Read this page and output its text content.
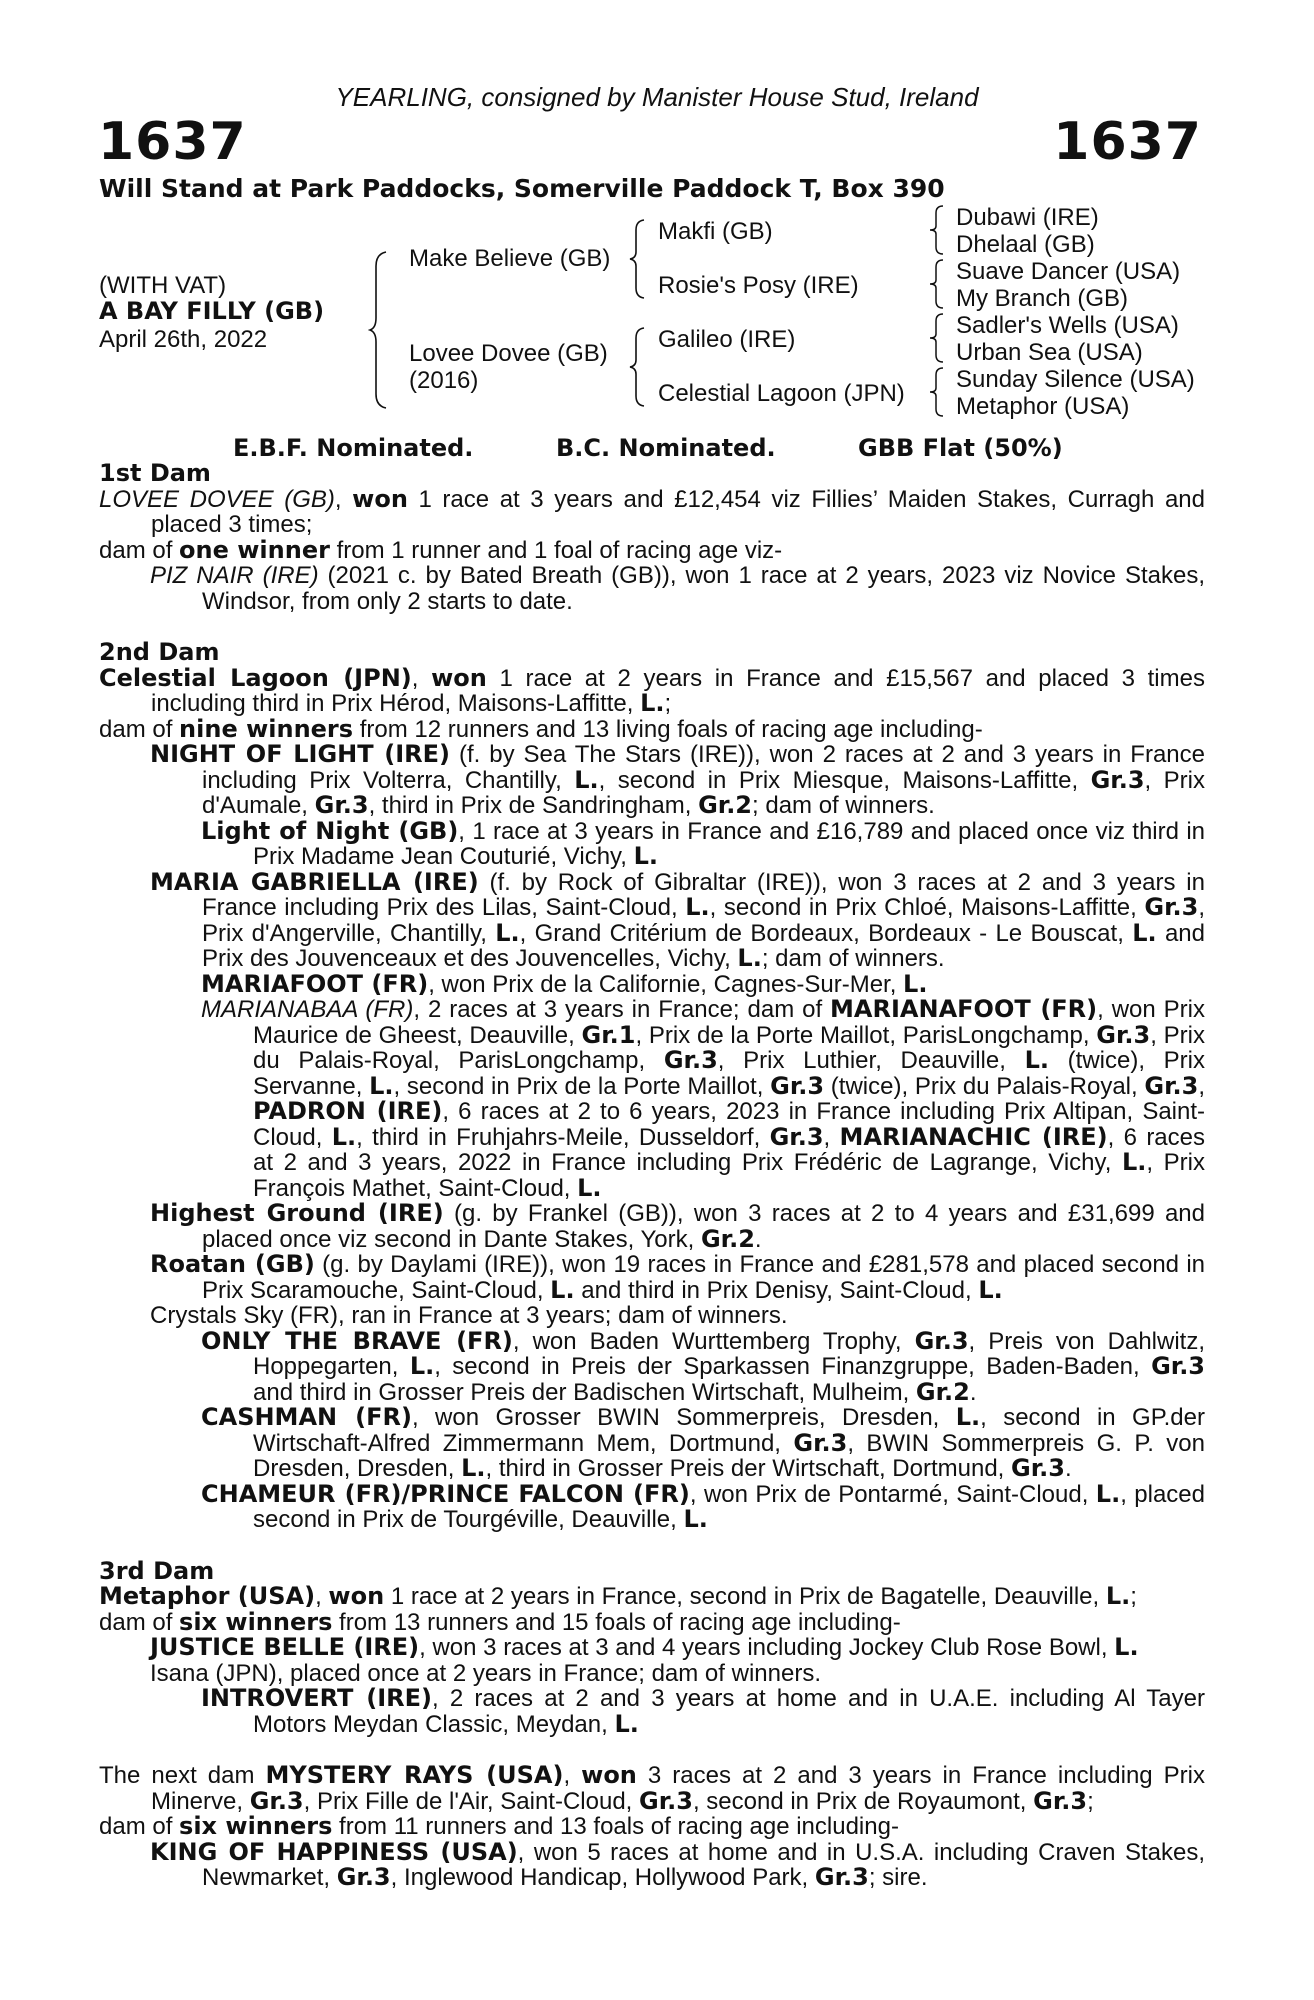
YEARLING, consigned by Manister House Stud, Ireland
1637	1637
Will Stand at Park Paddocks, Somerville Paddock T, Box 390
(WITH VAT)
A BAY FILLY (GB)
April 26th, 2022
Make Believe (GB)
Lovee Dovee (GB)
(2016)
Makfi (GB)
Rosie's Posy (IRE)
Galileo (IRE)
Celestial Lagoon (JPN)
Dubawi (IRE)
Dhelaal (GB)
Suave Dancer (USA)
My Branch (GB)
Sadler's Wells (USA)
Urban Sea (USA)
Sunday Silence (USA)
Metaphor (USA)
E.B.F. Nominated.	B.C. Nominated.	GBB Flat (50%)
1st Dam
LOVEE DOVEE (GB), won 1 race at 3 years and £12,454 viz Fillies’ Maiden Stakes, Curragh and placed 3 times;
dam of one winner from 1 runner and 1 foal of racing age viz-
PIZ NAIR (IRE) (2021 c. by Bated Breath (GB)), won 1 race at 2 years, 2023 viz Novice Stakes, Windsor, from only 2 starts to date.
2nd Dam
Celestial Lagoon (JPN), won 1 race at 2 years in France and £15,567 and placed 3 times including third in Prix Hérod, Maisons-Laffitte, L.;
dam of nine winners from 12 runners and 13 living foals of racing age including-
NIGHT OF LIGHT (IRE) (f. by Sea The Stars (IRE)), won 2 races at 2 and 3 years in France including Prix Volterra, Chantilly, L., second in Prix Miesque, Maisons-Laffitte, Gr.3, Prix d'Aumale, Gr.3, third in Prix de Sandringham, Gr.2; dam of winners.
Light of Night (GB), 1 race at 3 years in France and £16,789 and placed once viz third in Prix Madame Jean Couturié, Vichy, L.
MARIA GABRIELLA (IRE) (f. by Rock of Gibraltar (IRE)), won 3 races at 2 and 3 years in France including Prix des Lilas, Saint-Cloud, L., second in Prix Chloé, Maisons-Laffitte, Gr.3, Prix d'Angerville, Chantilly, L., Grand Critérium de Bordeaux, Bordeaux - Le Bouscat, L. and Prix des Jouvenceaux et des Jouvencelles, Vichy, L.; dam of winners.
MARIAFOOT (FR), won Prix de la Californie, Cagnes-Sur-Mer, L.
MARIANABAA (FR), 2 races at 3 years in France; dam of MARIANAFOOT (FR), won Prix Maurice de Gheest, Deauville, Gr.1, Prix de la Porte Maillot, ParisLongchamp, Gr.3, Prix du Palais-Royal, ParisLongchamp, Gr.3, Prix Luthier, Deauville, L. (twice), Prix Servanne, L., second in Prix de la Porte Maillot, Gr.3 (twice), Prix du Palais-Royal, Gr.3, PADRON (IRE), 6 races at 2 to 6 years, 2023 in France including Prix Altipan, Saint-Cloud, L., third in Fruhjahrs-Meile, Dusseldorf, Gr.3, MARIANACHIC (IRE), 6 races at 2 and 3 years, 2022 in France including Prix Frédéric de Lagrange, Vichy, L., Prix François Mathet, Saint-Cloud, L.
Highest Ground (IRE) (g. by Frankel (GB)), won 3 races at 2 to 4 years and £31,699 and placed once viz second in Dante Stakes, York, Gr.2.
Roatan (GB) (g. by Daylami (IRE)), won 19 races in France and £281,578 and placed second in Prix Scaramouche, Saint-Cloud, L. and third in Prix Denisy, Saint-Cloud, L.
Crystals Sky (FR), ran in France at 3 years; dam of winners.
ONLY THE BRAVE (FR), won Baden Wurttemberg Trophy, Gr.3, Preis von Dahlwitz, Hoppegarten, L., second in Preis der Sparkassen Finanzgruppe, Baden-Baden, Gr.3 and third in Grosser Preis der Badischen Wirtschaft, Mulheim, Gr.2.
CASHMAN (FR), won Grosser BWIN Sommerpreis, Dresden, L., second in GP.der Wirtschaft-Alfred Zimmermann Mem, Dortmund, Gr.3, BWIN Sommerpreis G. P. von Dresden, Dresden, L., third in Grosser Preis der Wirtschaft, Dortmund, Gr.3.
CHAMEUR (FR)/PRINCE FALCON (FR), won Prix de Pontarmé, Saint-Cloud, L., placed second in Prix de Tourgéville, Deauville, L.
3rd Dam
Metaphor (USA), won 1 race at 2 years in France, second in Prix de Bagatelle, Deauville, L.;
dam of six winners from 13 runners and 15 foals of racing age including-
JUSTICE BELLE (IRE), won 3 races at 3 and 4 years including Jockey Club Rose Bowl, L.
Isana (JPN), placed once at 2 years in France; dam of winners.
INTROVERT (IRE), 2 races at 2 and 3 years at home and in U.A.E. including Al Tayer Motors Meydan Classic, Meydan, L.
The next dam MYSTERY RAYS (USA), won 3 races at 2 and 3 years in France including Prix Minerve, Gr.3, Prix Fille de l'Air, Saint-Cloud, Gr.3, second in Prix de Royaumont, Gr.3;
dam of six winners from 11 runners and 13 foals of racing age including-
KING OF HAPPINESS (USA), won 5 races at home and in U.S.A. including Craven Stakes, Newmarket, Gr.3, Inglewood Handicap, Hollywood Park, Gr.3; sire.
